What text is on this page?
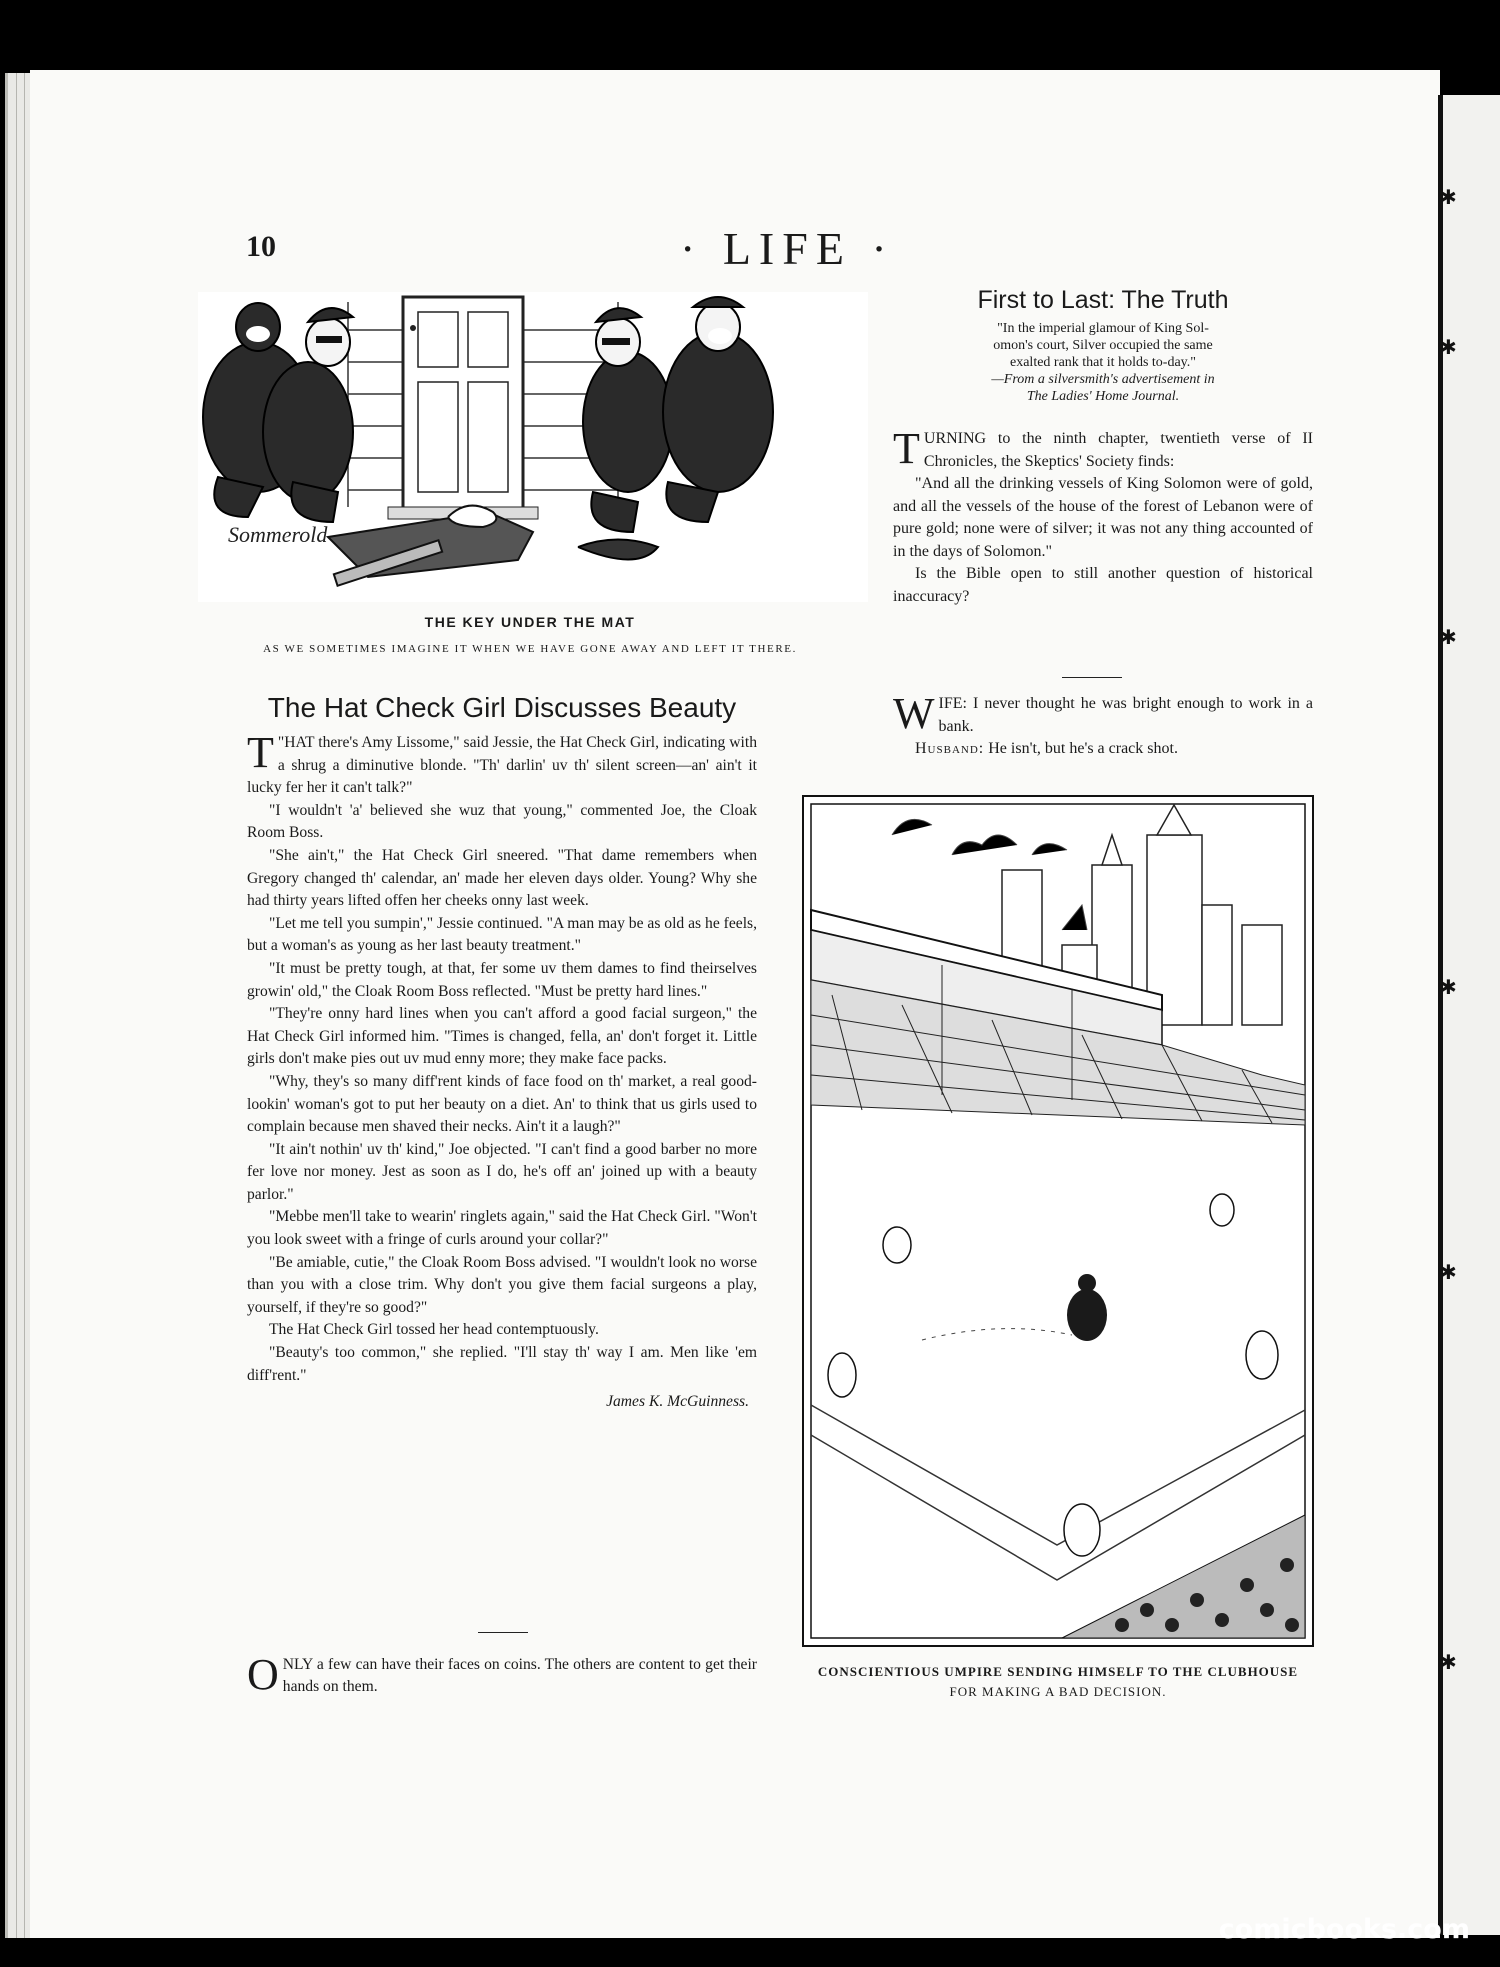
✱
✱
✱
✱
✱
✱
10	· LIFE ·
Sommerold
THE KEY UNDER THE MAT
AS WE SOMETIMES IMAGINE IT WHEN WE HAVE GONE AWAY AND LEFT IT THERE.
First to Last: The Truth
"In the imperial glamour of King Sol-
omon's court, Silver occupied the same
exalted rank that it holds to-day."
—From a silversmith's advertisement in
The Ladies' Home Journal.

TURNING to the ninth chapter, twentieth verse of II Chronicles, the Skeptics' Society finds:

"And all the drinking vessels of King Solomon were of gold, and all the vessels of the house of the forest of Lebanon were of pure gold; none were of silver; it was not any thing accounted of in the days of Solomon."

Is the Bible open to still another question of historical inaccuracy?

WIFE: I never thought he was bright enough to work in a bank.

Husband: He isn't, but he's a crack shot.

The Hat Check Girl Discusses Beauty

"
T HAT there's Amy Lissome," said Jessie, the Hat Check Girl, indicating with a shrug a diminutive blonde. "Th' darlin' uv th' silent screen—an' ain't it lucky fer her it can't talk?"

"I wouldn't 'a' believed she wuz that young," commented Joe, the Cloak Room Boss.

"She ain't," the Hat Check Girl sneered. "That dame remembers when Gregory changed th' calendar, an' made her eleven days older. Young? Why she had thirty years lifted offen her cheeks onny last week.

"Let me tell you sumpin'," Jessie continued. "A man may be as old as he feels, but a woman's as young as her last beauty treatment."

"It must be pretty tough, at that, fer some uv them dames to find theirselves growin' old," the Cloak Room Boss reflected. "Must be pretty hard lines."

"They're onny hard lines when you can't afford a good facial surgeon," the Hat Check Girl informed him. "Times is changed, fella, an' don't forget it. Little girls don't make pies out uv mud enny more; they make face packs.

"Why, they's so many diff'rent kinds of face food on th' market, a real good-lookin' woman's got to put her beauty on a diet. An' to think that us girls used to complain because men shaved their necks. Ain't it a laugh?"

"It ain't nothin' uv th' kind," Joe objected. "I can't find a good barber no more fer love nor money. Jest as soon as I do, he's off an' joined up with a beauty parlor."

"Mebbe men'll take to wearin' ringlets again," said the Hat Check Girl. "Won't you look sweet with a fringe of curls around your collar?"

"Be amiable, cutie," the Cloak Room Boss advised. "I wouldn't look no worse than you with a close trim. Why don't you give them facial surgeons a play, yourself, if they're so good?"

The Hat Check Girl tossed her head contemptuously.

"Beauty's too common," she replied. "I'll stay th' way I am. Men like 'em diff'rent."

James K. McGuinness.
ONLY a few can have their faces on coins. The others are content to get their hands on them.
CONSCIENTIOUS UMPIRE SENDING HIMSELF TO THE CLUBHOUSE
FOR MAKING A BAD DECISION.
comicbooks.com
